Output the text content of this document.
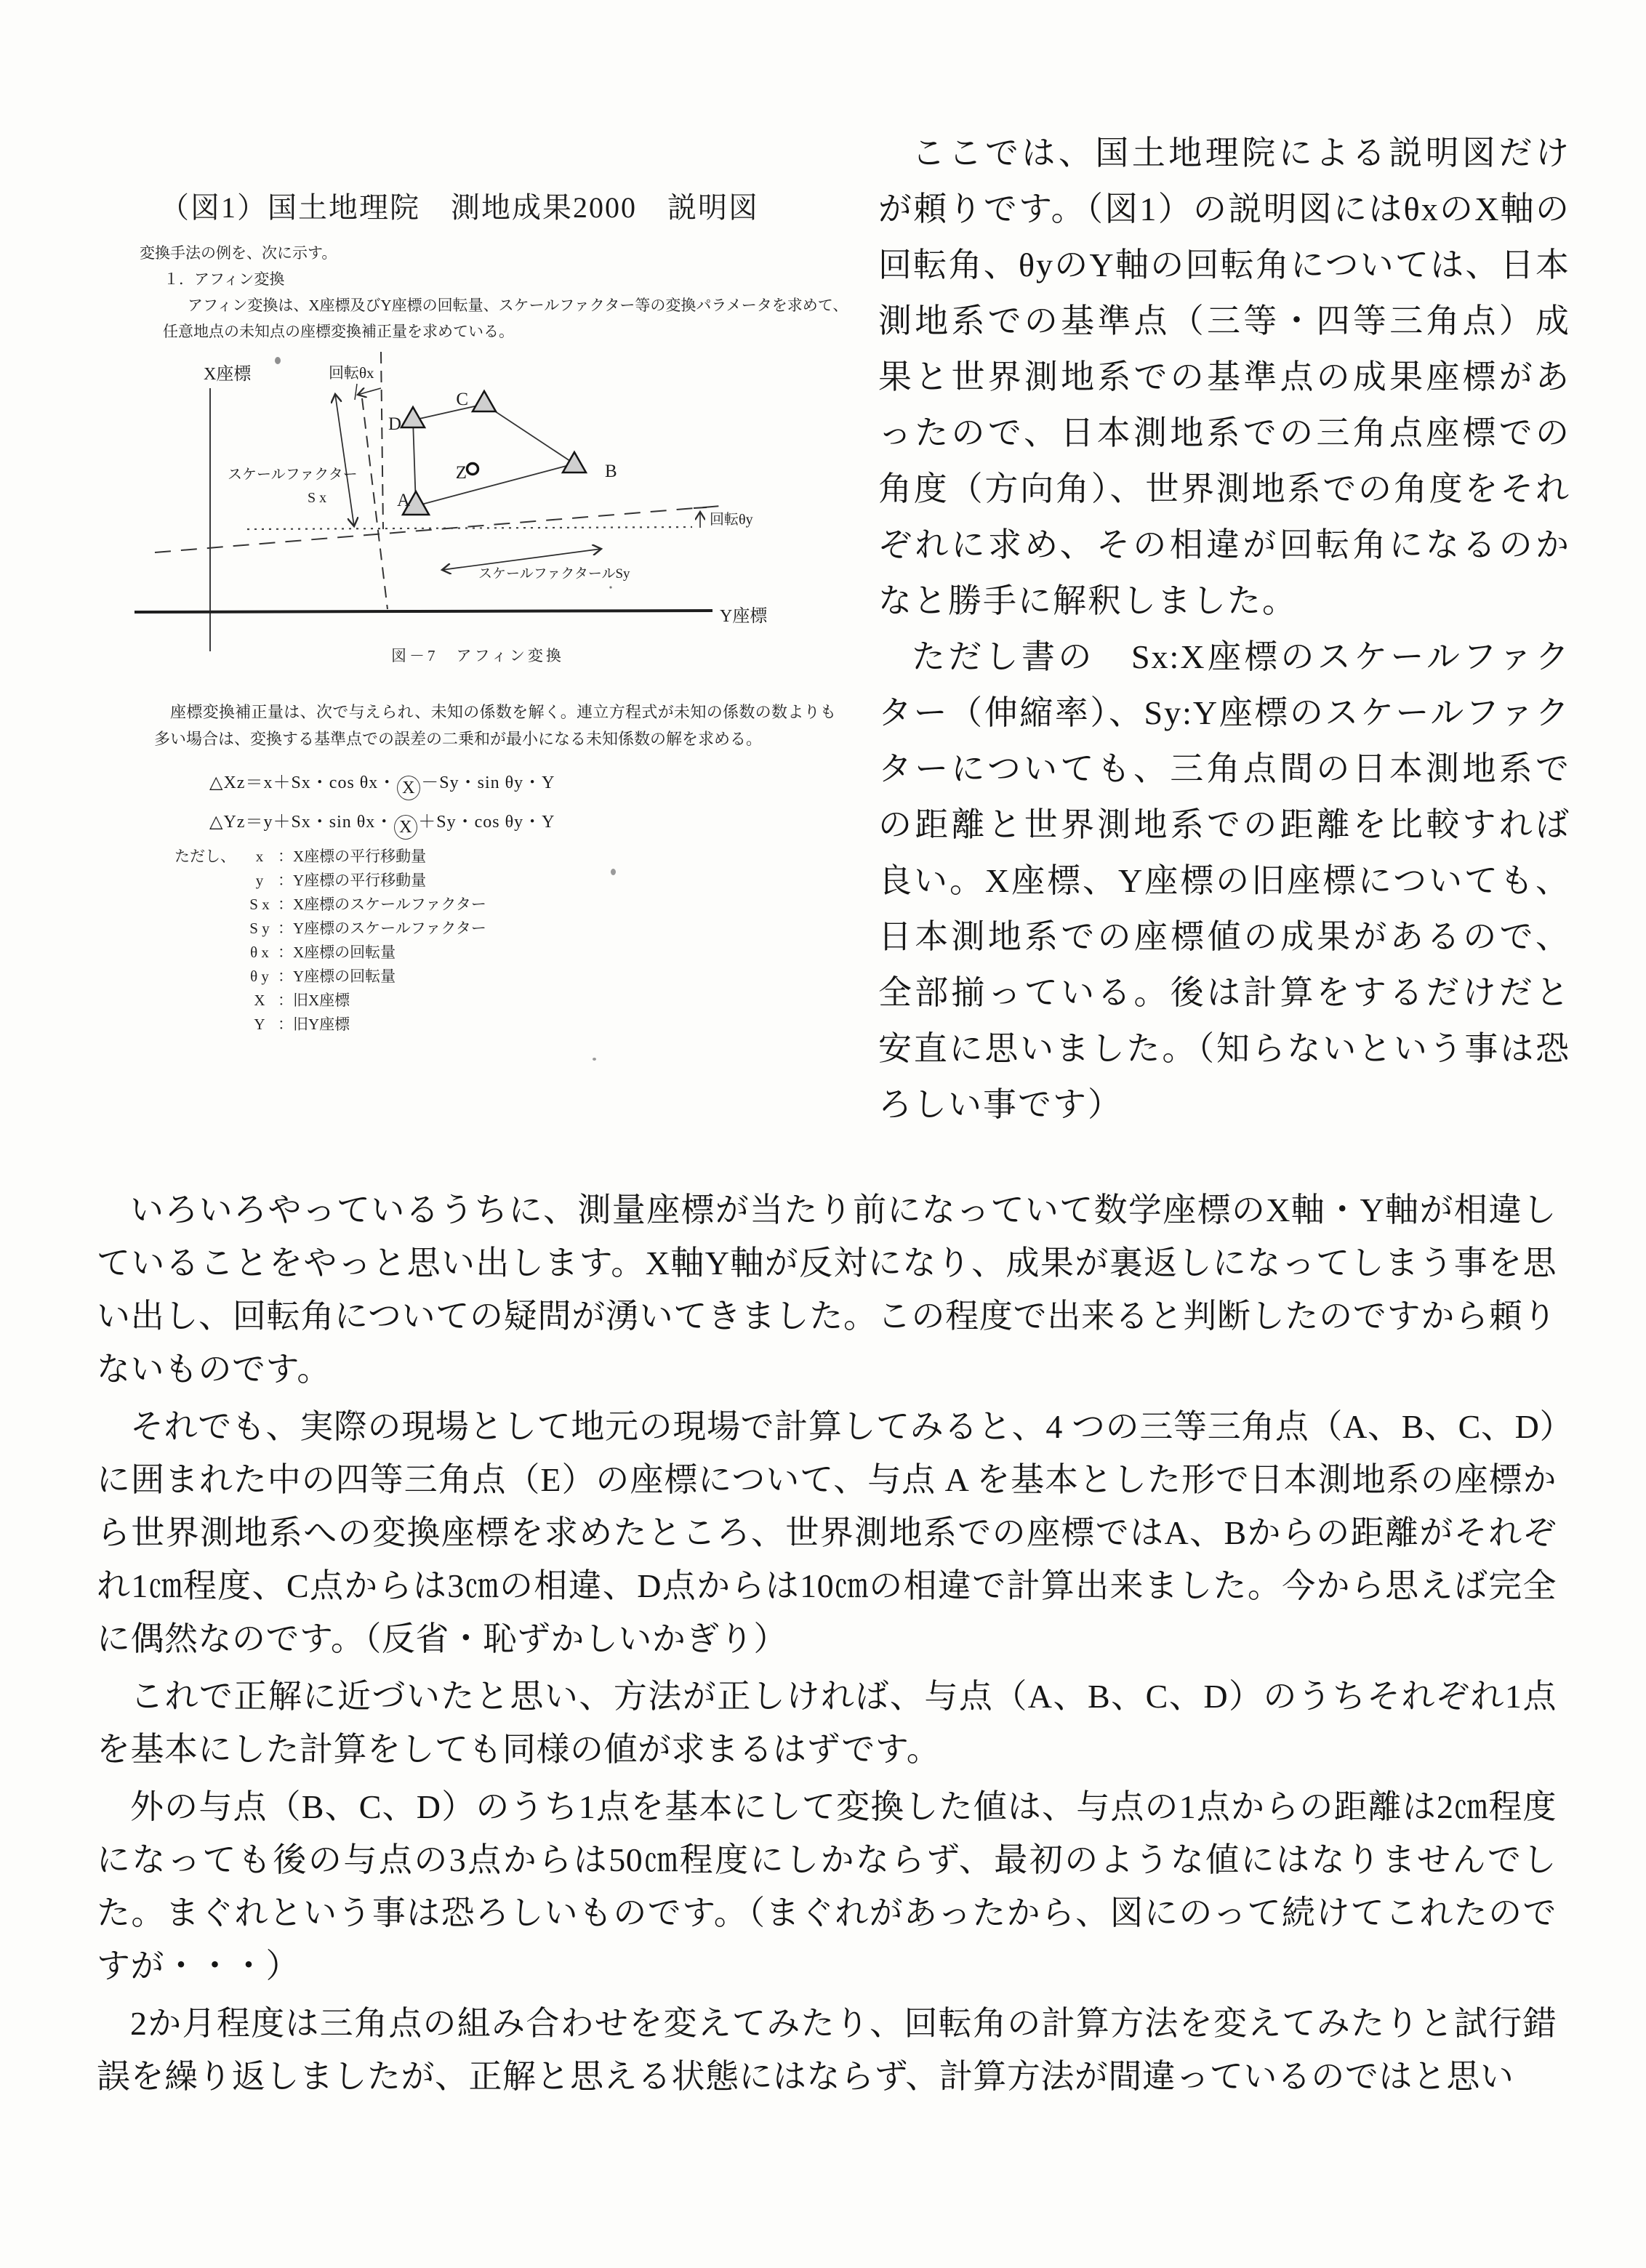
（図1）国土地理院　測地成果2000　説明図
変換手法の例を、次に示す。
１．アフィン変換
アフィン変換は、X座標及びY座標の回転量、スケールファクター等の変換パラメータを求めて、
任意地点の未知点の座標変換補正量を求めている。
X座標
Y座標
回転θx
スケールファクター
S x
回転θy
D
C
B
A
Z
スケールファクタールSy
図－7　アフィン変換
座標変換補正量は、次で与えられ、未知の係数を解く。連立方程式が未知の係数の数よりも多い場合は、変換する基準点での誤差の二乗和が最小になる未知係数の解を求める。
△Xz＝x＋Sx・cos θx・ X －Sy・sin θy・Y
△Yz＝y＋Sx・sin θx・ X ＋Sy・cos θy・Y
ただし、 x ：X座標の平行移動量
y ：Y座標の平行移動量
S x ：X座標のスケールファクター
S y ：Y座標のスケールファクター
θ x ：X座標の回転量
θ y ：Y座標の回転量
X ：旧X座標
Y ：旧Y座標

ここでは、国土地理院による説明図だけが頼りです。（図1）の説明図にはθxのX軸の回転角、θyのY軸の回転角については、日本測地系での基準点（三等・四等三角点）成果と世界測地系での基準点の成果座標があったので、日本測地系での三角点座標での角度（方向角）、世界測地系での角度をそれぞれに求め、その相違が回転角になるのかなと勝手に解釈しました。

ただし書の　Sx:X座標のスケールファクター（伸縮率）、Sy:Y座標のスケールファクターについても、三角点間の日本測地系での距離と世界測地系での距離を比較すれば良い。X座標、Y座標の旧座標についても、日本測地系での座標値の成果があるので、全部揃っている。後は計算をするだけだと安直に思いました。（知らないという事は恐ろしい事です）

いろいろやっているうちに、測量座標が当たり前になっていて数学座標のX軸・Y軸が相違していることをやっと思い出します。X軸Y軸が反対になり、成果が裏返しになってしまう事を思い出し、回転角についての疑問が湧いてきました。この程度で出来ると判断したのですから頼りないものです。

それでも、実際の現場として地元の現場で計算してみると、4 つの三等三角点（A、B、C、D）に囲まれた中の四等三角点（E）の座標について、与点 A を基本とした形で日本測地系の座標から世界測地系への変換座標を求めたところ、世界測地系での座標ではA、Bからの距離がそれぞれ1㎝程度、C点からは3㎝の相違、D点からは10㎝の相違で計算出来ました。今から思えば完全に偶然なのです。（反省・恥ずかしいかぎり）

これで正解に近づいたと思い、方法が正しければ、与点（A、B、C、D）のうちそれぞれ1点を基本にした計算をしても同様の値が求まるはずです。

外の与点（B、C、D）のうち1点を基本にして変換した値は、与点の1点からの距離は2㎝程度になっても後の与点の3点からは50㎝程度にしかならず、最初のような値にはなりませんでした。まぐれという事は恐ろしいものです。（まぐれがあったから、図にのって続けてこれたのですが・・・）

2か月程度は三角点の組み合わせを変えてみたり、回転角の計算方法を変えてみたりと試行錯誤を繰り返しましたが、正解と思える状態にはならず、計算方法が間違っているのではと思い
